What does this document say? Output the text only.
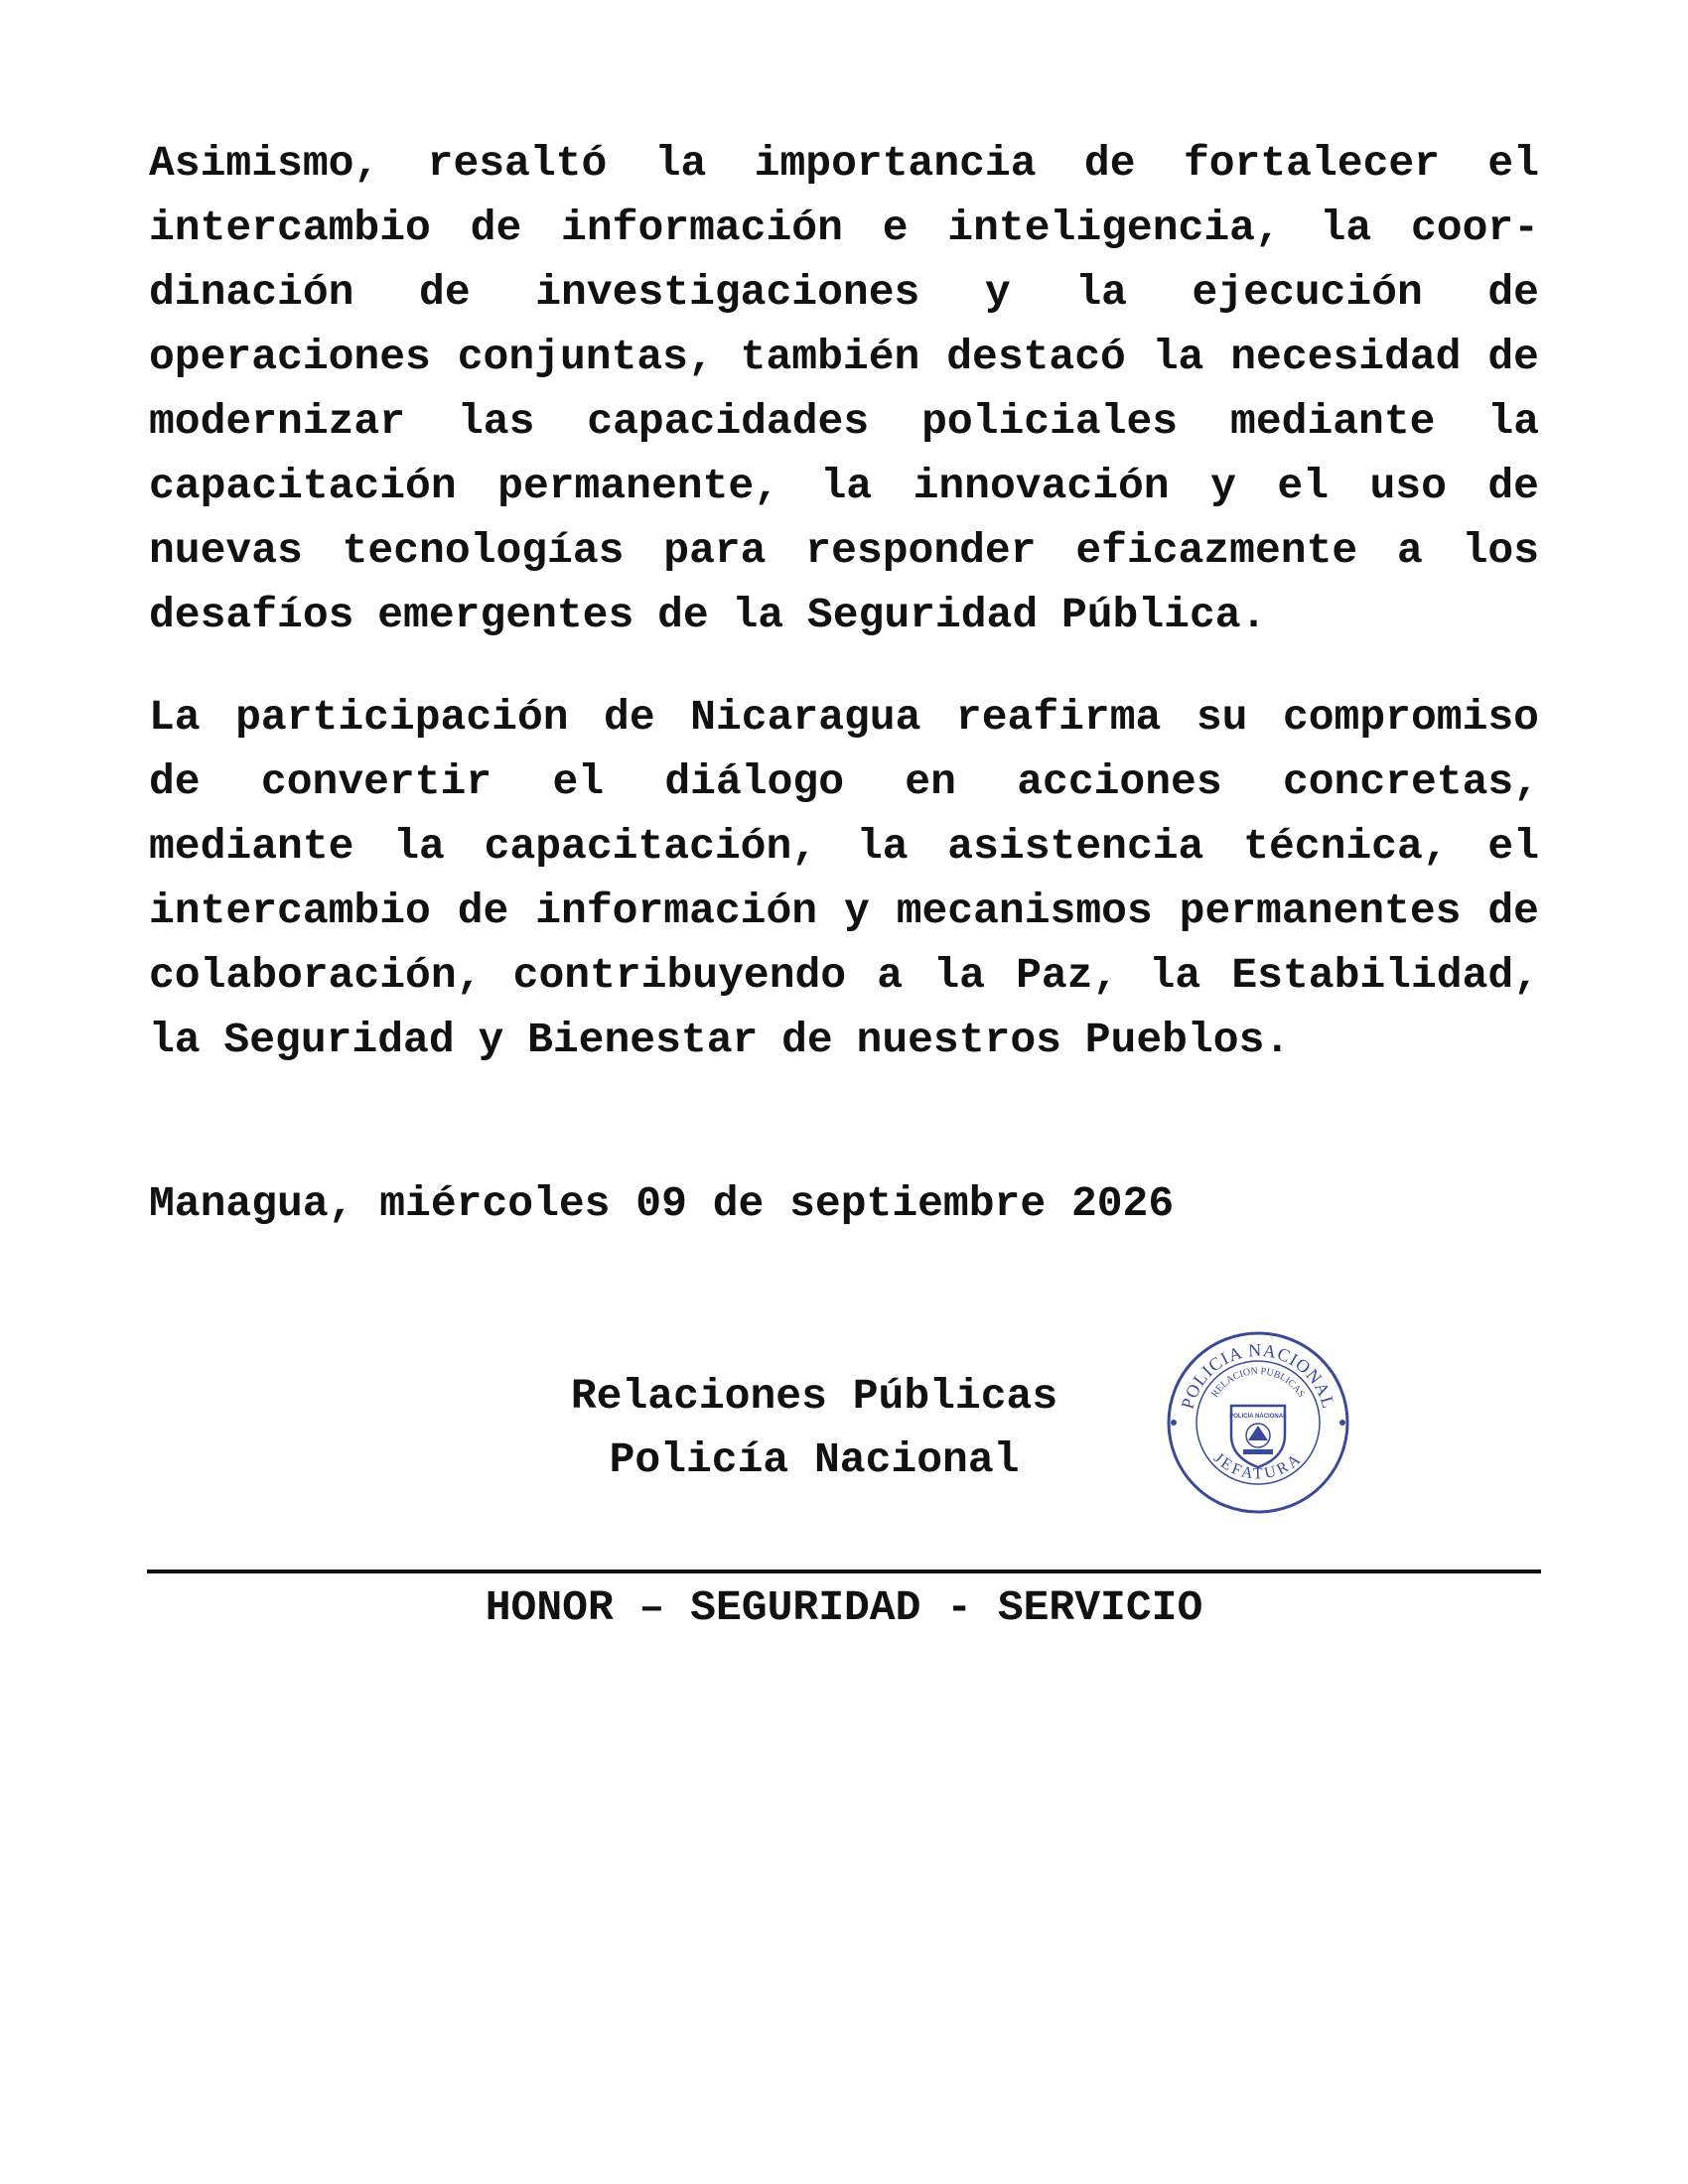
Asimismo, resaltó la importancia de fortalecer el intercambio de información e inteligencia, la coordinación de investigaciones y la ejecución de operaciones conjuntas, también destacó la necesidad de modernizar las capacidades policiales mediante la capacitación permanente, la innovación y el uso de nuevas tecnologías para responder eficazmente a los desafíos emergentes de la Seguridad Pública.

La participación de Nicaragua reafirma su compromiso de convertir el diálogo en acciones concretas, mediante la capacitación, la asistencia técnica, el intercambio de información y mecanismos permanentes de colaboración, contribuyendo a la Paz, la Estabilidad, la Seguridad y Bienestar de nuestros Pueblos.

Managua, miércoles 09 de septiembre 2026

Relaciones Públicas
Policía Nacional
POLICIA NACIONAL
RELACION PUBLICAS
JEFATURA
POLICIA NACIONAL
HONOR – SEGURIDAD - SERVICIO
